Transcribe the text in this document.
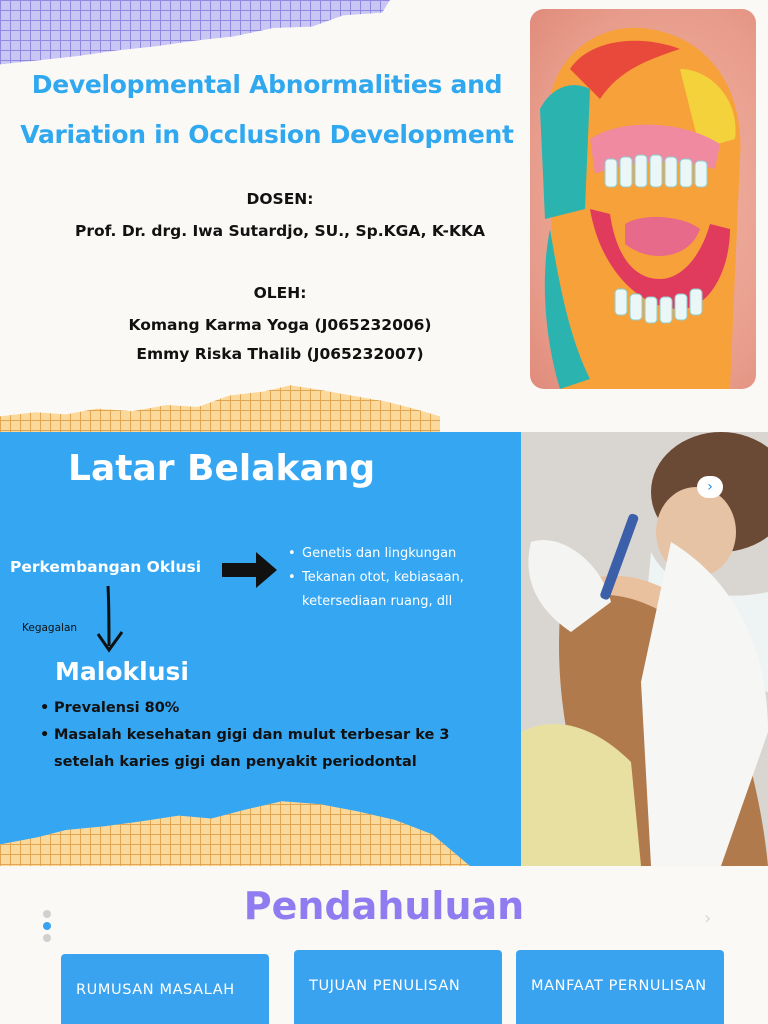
Developmental Abnormalities and
Variation in Occlusion Development
DOSEN:
Prof. Dr. drg. Iwa Sutardjo, SU., Sp.KGA, K-KKA
OLEH:
Komang Karma Yoga (J065232006)
Emmy Riska Thalib (J065232007)
Latar Belakang
Perkembangan Oklusi
• Genetis dan lingkungan
• Tekanan otot, kebiasaan,
ketersediaan ruang, dll
Kegagalan
Maloklusi
• Prevalensi 80%
• Masalah kesehatan gigi dan mulut terbesar ke 3
setelah karies gigi dan penyakit periodontal
›
Pendahuluan	›
RUMUSAN MASALAH	TUJUAN PENULISAN	MANFAAT PERNULISAN
